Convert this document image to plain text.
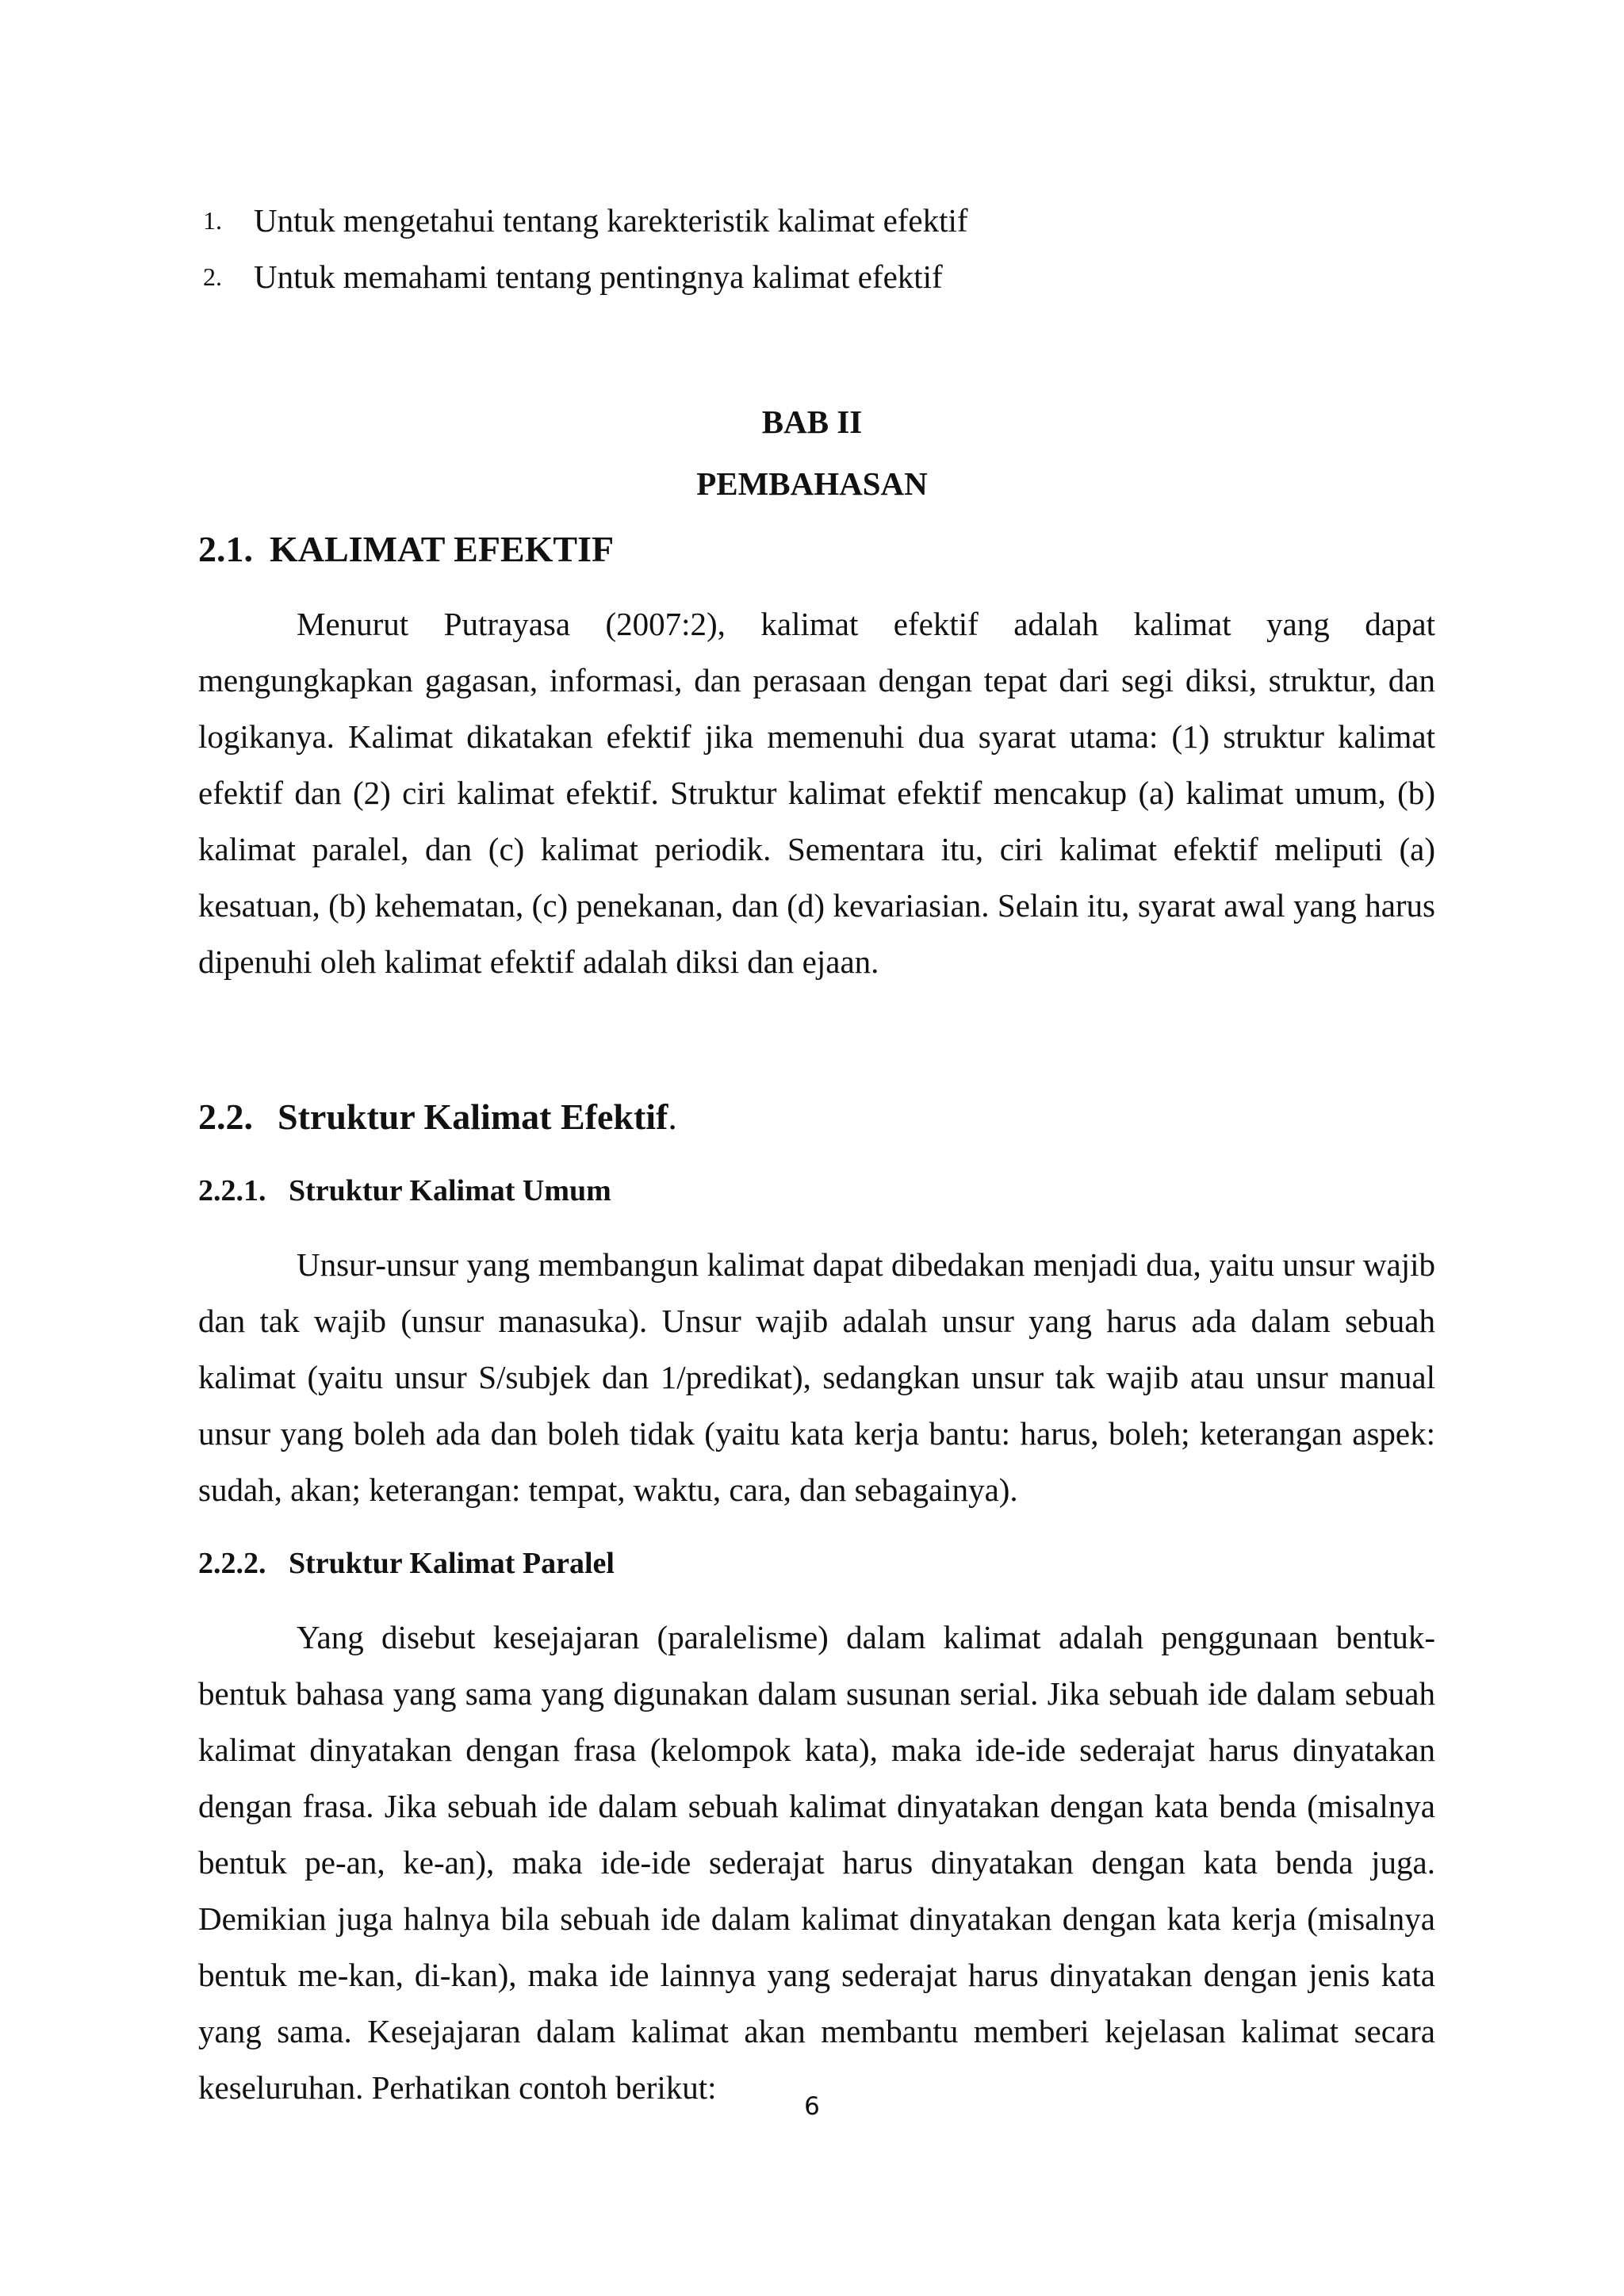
1. Untuk mengetahui tentang karekteristik kalimat efektif
2. Untuk memahami tentang pentingnya kalimat efektif
BAB II
PEMBAHASAN
2.1. KALIMAT EFEKTIF

Menurut Putrayasa (2007:2), kalimat efektif adalah kalimat yang dapat mengungkapkan gagasan, informasi, dan perasaan dengan tepat dari segi diksi, struktur, dan logikanya. Kalimat dikatakan efektif jika memenuhi dua syarat utama: (1) struktur kalimat efektif dan (2) ciri kalimat efektif. Struktur kalimat efektif mencakup (a) kalimat umum, (b) kalimat paralel, dan (c) kalimat periodik. Sementara itu, ciri kalimat efektif meliputi (a) kesatuan, (b) kehematan, (c) penekanan, dan (d) kevariasian. Selain itu, syarat awal yang harus dipenuhi oleh kalimat efektif adalah diksi dan ejaan.

2.2. Struktur Kalimat Efektif.
2.2.1. Struktur Kalimat Umum

Unsur-unsur yang membangun kalimat dapat dibedakan menjadi dua, yaitu unsur wajib dan tak wajib (unsur manasuka). Unsur wajib adalah unsur yang harus ada dalam sebuah kalimat (yaitu unsur S/subjek dan 1/predikat), sedangkan unsur tak wajib atau unsur manual unsur yang boleh ada dan boleh tidak (yaitu kata kerja bantu: harus, boleh; keterangan aspek: sudah, akan; keterangan: tempat, waktu, cara, dan sebagainya).

2.2.2. Struktur Kalimat Paralel

Yang disebut kesejajaran (paralelisme) dalam kalimat adalah penggunaan bentuk-bentuk bahasa yang sama yang digunakan dalam susunan serial. Jika sebuah ide dalam sebuah kalimat dinyatakan dengan frasa (kelompok kata), maka ide-ide sederajat harus dinyatakan dengan frasa. Jika sebuah ide dalam sebuah kalimat dinyatakan dengan kata benda (misalnya bentuk pe-an, ke-an), maka ide-ide sederajat harus dinyatakan dengan kata benda juga. Demikian juga halnya bila sebuah ide dalam kalimat dinyatakan dengan kata kerja (misalnya bentuk me-kan, di-kan), maka ide lainnya yang sederajat harus dinyatakan dengan jenis kata yang sama. Kesejajaran dalam kalimat akan membantu memberi kejelasan kalimat secara keseluruhan. Perhatikan contoh berikut:

6
